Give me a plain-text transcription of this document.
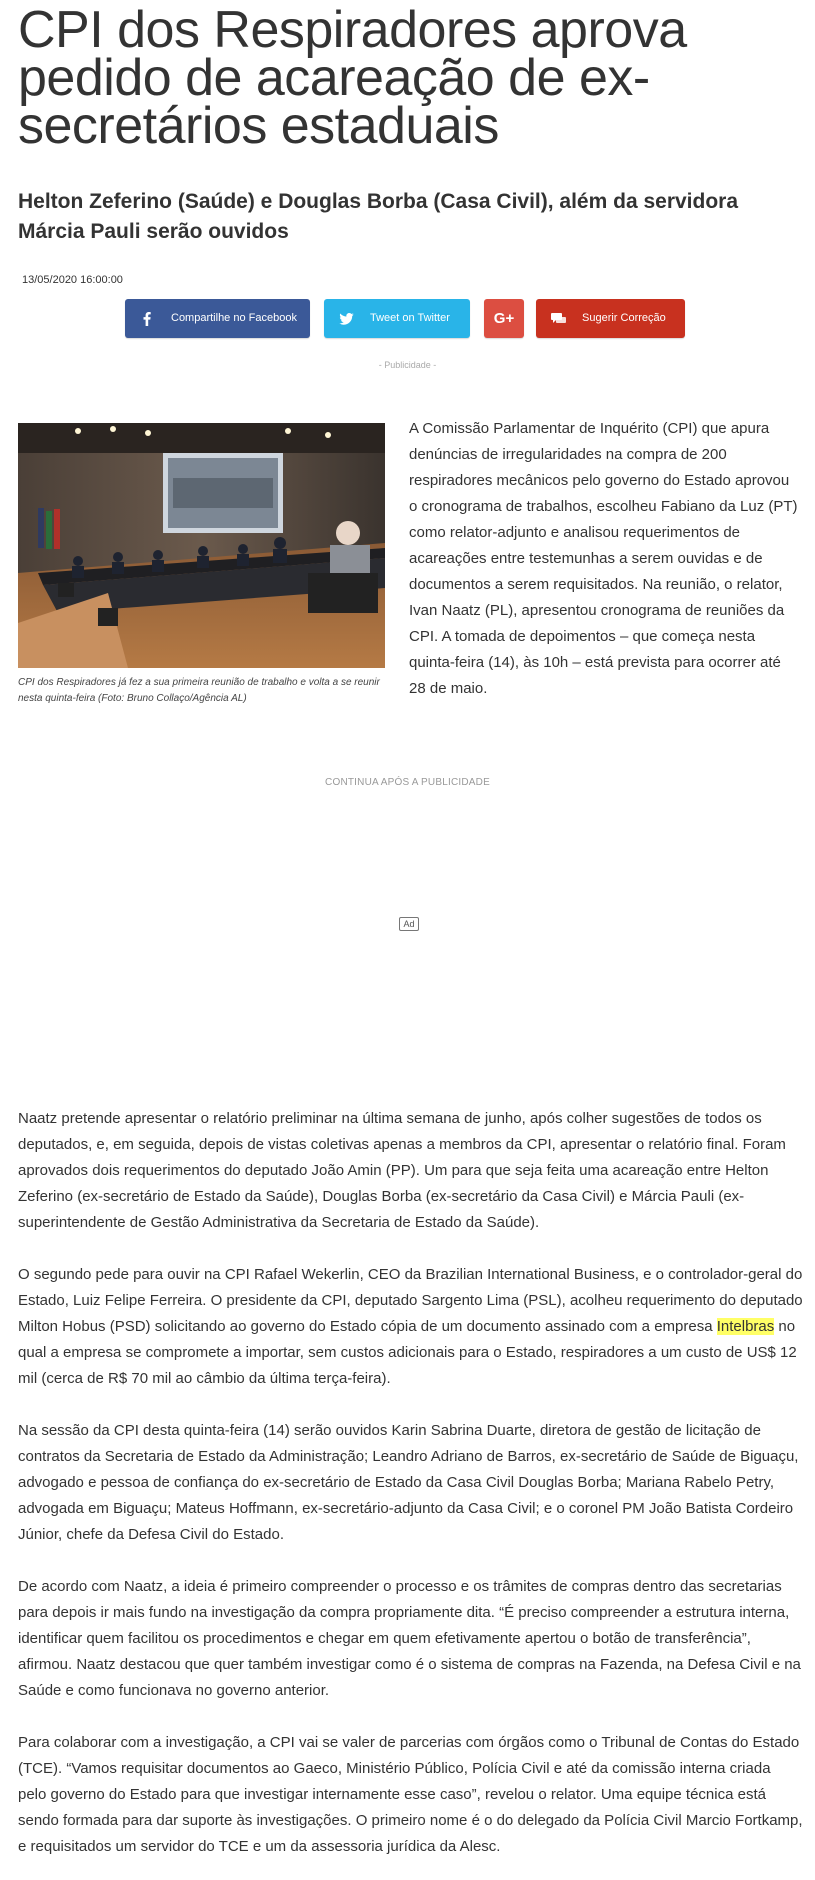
CPI dos Respiradores aprova pedido de acareação de ex-secretários estaduais
Helton Zeferino (Saúde) e Douglas Borba (Casa Civil), além da servidora Márcia Pauli serão ouvidos
13/05/2020 16:00:00
Compartilhe no Facebook	Tweet on Twitter	G+	Sugerir Correção
- Publicidade -
CPI dos Respiradores já fez a sua primeira reunião de trabalho e volta a se reunir nesta quinta-feira (Foto: Bruno Collaço/Agência AL)
A Comissão Parlamentar de Inquérito (CPI) que apura denúncias de irregularidades na compra de 200 respiradores mecânicos pelo governo do Estado aprovou o cronograma de trabalhos, escolheu Fabiano da Luz (PT) como relator-adjunto e analisou requerimentos de acareações entre testemunhas a serem ouvidas e de documentos a serem requisitados. Na reunião, o relator, Ivan Naatz (PL), apresentou cronograma de reuniões da CPI. A tomada de depoimentos – que começa nesta quinta-feira (14), às 10h – está prevista para ocorrer até 28 de maio.
CONTINUA APÓS A PUBLICIDADE
Ad

Naatz pretende apresentar o relatório preliminar na última semana de junho, após colher sugestões de todos os deputados, e, em seguida, depois de vistas coletivas apenas a membros da CPI, apresentar o relatório final. Foram aprovados dois requerimentos do deputado João Amin (PP). Um para que seja feita uma acareação entre Helton Zeferino (ex-secretário de Estado da Saúde), Douglas Borba (ex-secretário da Casa Civil) e Márcia Pauli (ex-superintendente de Gestão Administrativa da Secretaria de Estado da Saúde).

O segundo pede para ouvir na CPI Rafael Wekerlin, CEO da Brazilian International Business, e o controlador-geral do Estado, Luiz Felipe Ferreira. O presidente da CPI, deputado Sargento Lima (PSL), acolheu requerimento do deputado Milton Hobus (PSD) solicitando ao governo do Estado cópia de um documento assinado com a empresa Intelbras no qual a empresa se compromete a importar, sem custos adicionais para o Estado, respiradores a um custo de US$ 12 mil (cerca de R$ 70 mil ao câmbio da última terça-feira).

Na sessão da CPI desta quinta-feira (14) serão ouvidos Karin Sabrina Duarte, diretora de gestão de licitação de contratos da Secretaria de Estado da Administração; Leandro Adriano de Barros, ex-secretário de Saúde de Biguaçu, advogado e pessoa de confiança do ex-secretário de Estado da Casa Civil Douglas Borba; Mariana Rabelo Petry, advogada em Biguaçu; Mateus Hoffmann, ex-secretário-adjunto da Casa Civil; e o coronel PM João Batista Cordeiro Júnior, chefe da Defesa Civil do Estado.

De acordo com Naatz, a ideia é primeiro compreender o processo e os trâmites de compras dentro das secretarias para depois ir mais fundo na investigação da compra propriamente dita. “É preciso compreender a estrutura interna, identificar quem facilitou os procedimentos e chegar em quem efetivamente apertou o botão de transferência”, afirmou. Naatz destacou que quer também investigar como é o sistema de compras na Fazenda, na Defesa Civil e na Saúde e como funcionava no governo anterior.

Para colaborar com a investigação, a CPI vai se valer de parcerias com órgãos como o Tribunal de Contas do Estado (TCE). “Vamos requisitar documentos ao Gaeco, Ministério Público, Polícia Civil e até da comissão interna criada pelo governo do Estado para que investigar internamente esse caso”, revelou o relator. Uma equipe técnica está sendo formada para dar suporte às investigações. O primeiro nome é o do delegado da Polícia Civil Marcio Fortkamp, e requisitados um servidor do TCE e um da assessoria jurídica da Alesc.
